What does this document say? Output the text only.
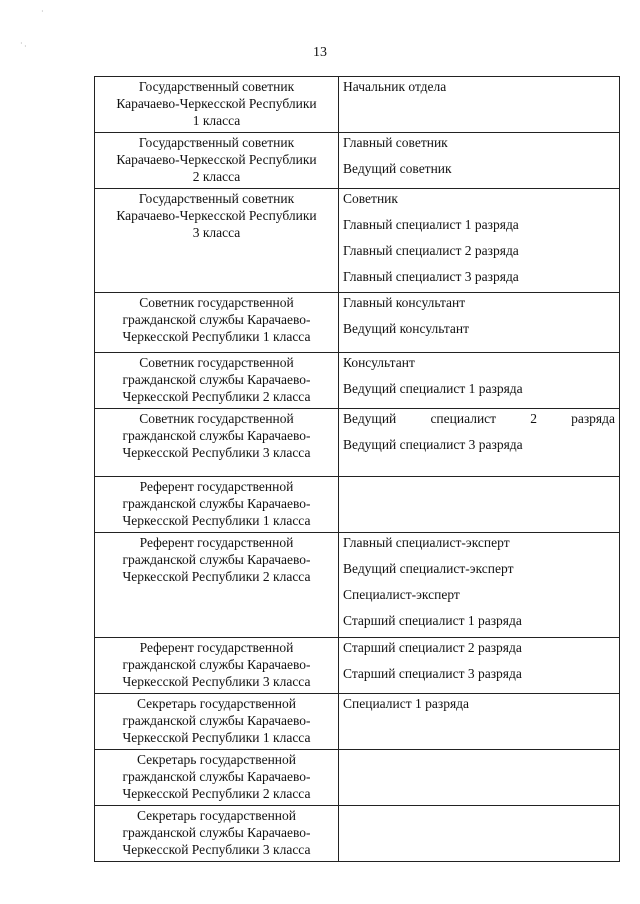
·
· ·	13
Государственный советник
Карачаево-Черкесской Республики
1 класса	Начальник отдела

Государственный советник
Карачаево-Черкесской Республики
2 класса	Главный советник
Ведущий советник

Государственный советник
Карачаево-Черкесской Республики
3 класса	Советник
Главный специалист 1 разряда
Главный специалист 2 разряда
Главный специалист 3 разряда

Советник государственной
гражданской службы Карачаево-
Черкесской Республики 1 класса	Главный консультант
Ведущий консультант

Советник государственной
гражданской службы Карачаево-
Черкесской Республики 2 класса	Консультант
Ведущий специалист 1 разряда

Советник государственной
гражданской службы Карачаево-
Черкесской Республики 3 класса	Ведущий специалист 2 разряда
Ведущий специалист 3 разряда

Референт государственной
гражданской службы Карачаево-
Черкесской Республики 1 класса	

Референт государственной
гражданской службы Карачаево-
Черкесской Республики 2 класса	Главный специалист-эксперт
Ведущий специалист-эксперт
Специалист-эксперт
Старший специалист 1 разряда

Референт государственной
гражданской службы Карачаево-
Черкесской Республики 3 класса	Старший специалист 2 разряда
Старший специалист 3 разряда

Секретарь государственной
гражданской службы Карачаево-
Черкесской Республики 1 класса	Специалист 1 разряда

Секретарь государственной
гражданской службы Карачаево-
Черкесской Республики 2 класса	

Секретарь государственной
гражданской службы Карачаево-
Черкесской Республики 3 класса	
